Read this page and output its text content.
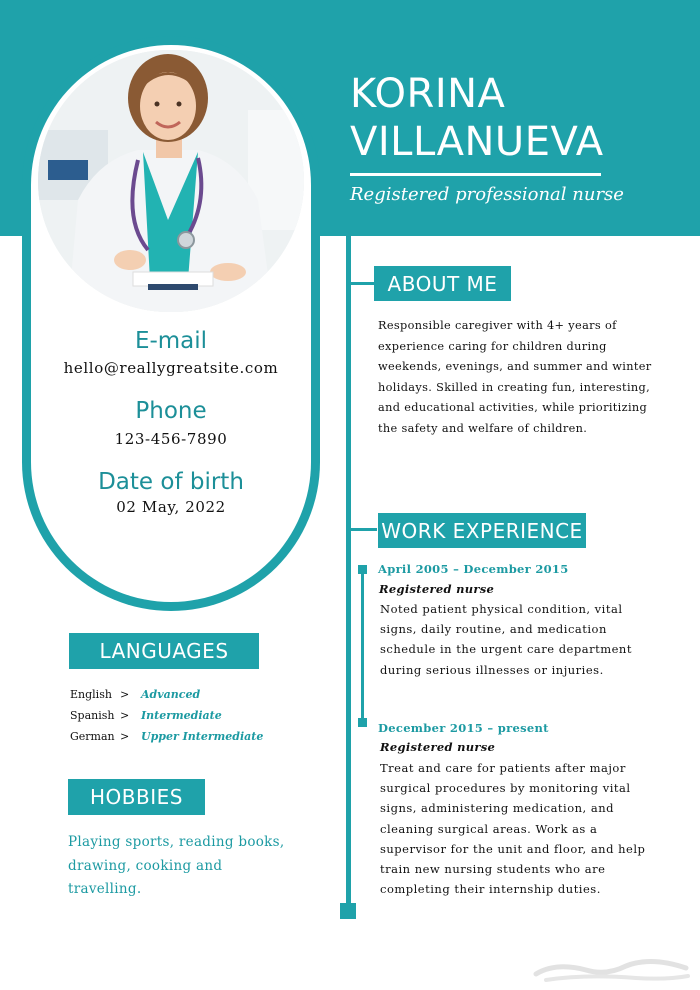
KORINA
VILLANUEVA
Registered professional nurse
E-mail
hello@reallygreatsite.com
Phone
123-456-7890
Date of birth
02 May, 2022
LANGUAGES
English > Advanced
Spanish > Intermediate
German > Upper Intermediate
HOBBIES
Playing sports, reading books, drawing, cooking and travelling.
ABOUT ME
Responsible caregiver with 4+ years of experience caring for children during weekends, evenings, and summer and winter holidays. Skilled in creating fun, interesting, and educational activities, while prioritizing the safety and welfare of children.
WORK EXPERIENCE
April 2005 – December 2015
Registered nurse
Noted patient physical condition, vital signs, daily routine, and medication schedule in the urgent care department during serious illnesses or injuries.
December 2015 – present
Registered nurse
Treat and care for patients after major surgical procedures by monitoring vital signs, administering medication, and cleaning surgical areas. Work as a supervisor for the unit and floor, and help train new nursing students who are completing their internship duties.
